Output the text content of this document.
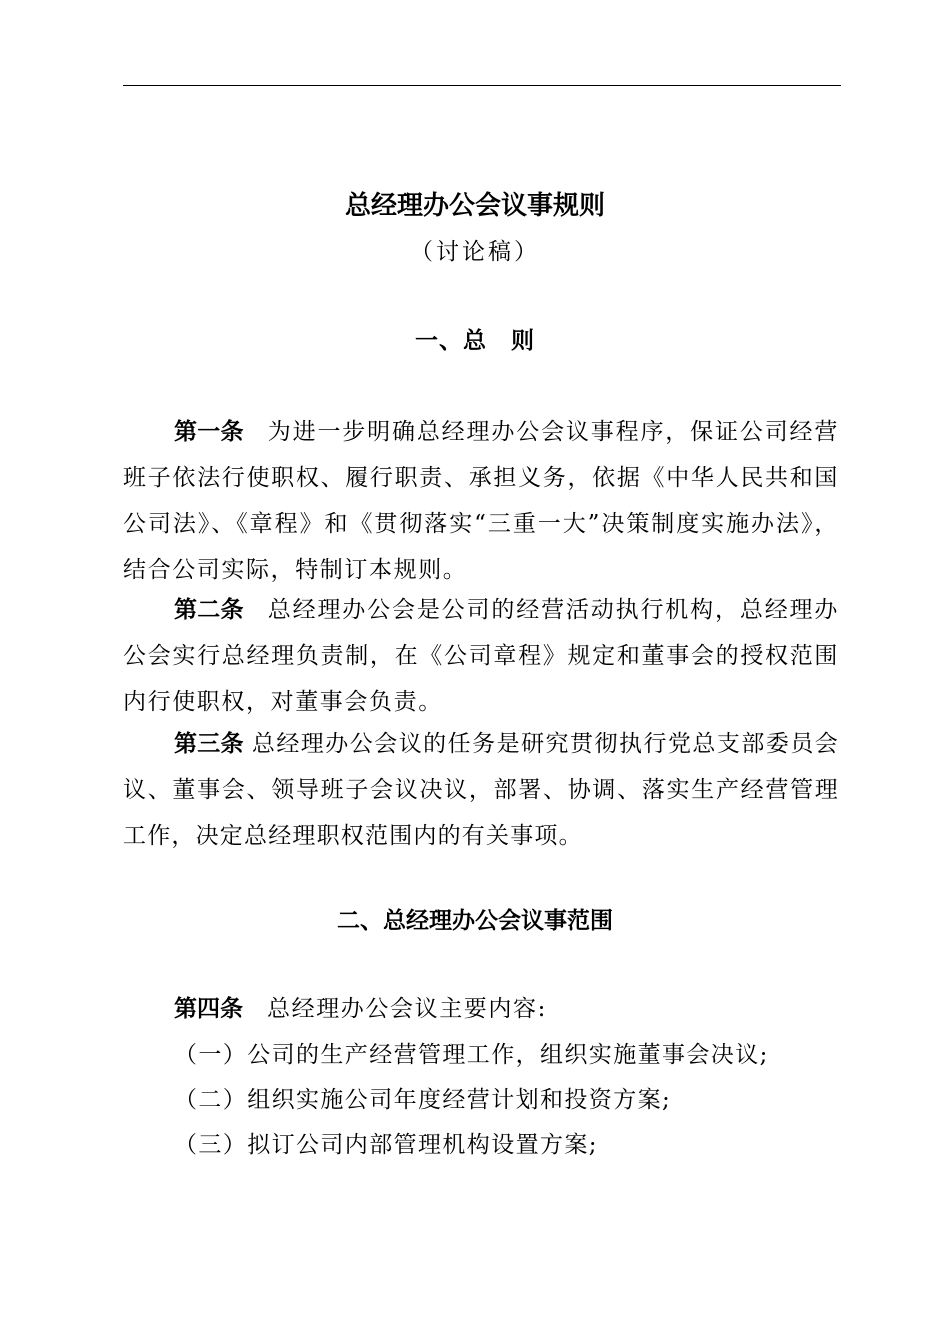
总经理办公会议事规则
（讨论稿）
一、总　则

第一条 为进一步明确总经理办公会议事程序，保证公司经营班子依法行使职权、履行职责、承担义务，依据《中华人民共和国公司法》、《章程》和《贯彻落实“三重一大”决策制度实施办法》，结合公司实际，特制订本规则。

第二条 总经理办公会是公司的经营活动执行机构，总经理办公会实行总经理负责制，在《公司章程》规定和董事会的授权范围内行使职权，对董事会负责。

第三条 总经理办公会议的任务是研究贯彻执行党总支部委员会议、董事会、领导班子会议决议，部署、协调、落实生产经营管理工作，决定总经理职权范围内的有关事项。

二、总经理办公会议事范围

第四条 总经理办公会议主要内容:

（一）公司的生产经营管理工作，组织实施董事会决议;

（二）组织实施公司年度经营计划和投资方案;

（三）拟订公司内部管理机构设置方案;
